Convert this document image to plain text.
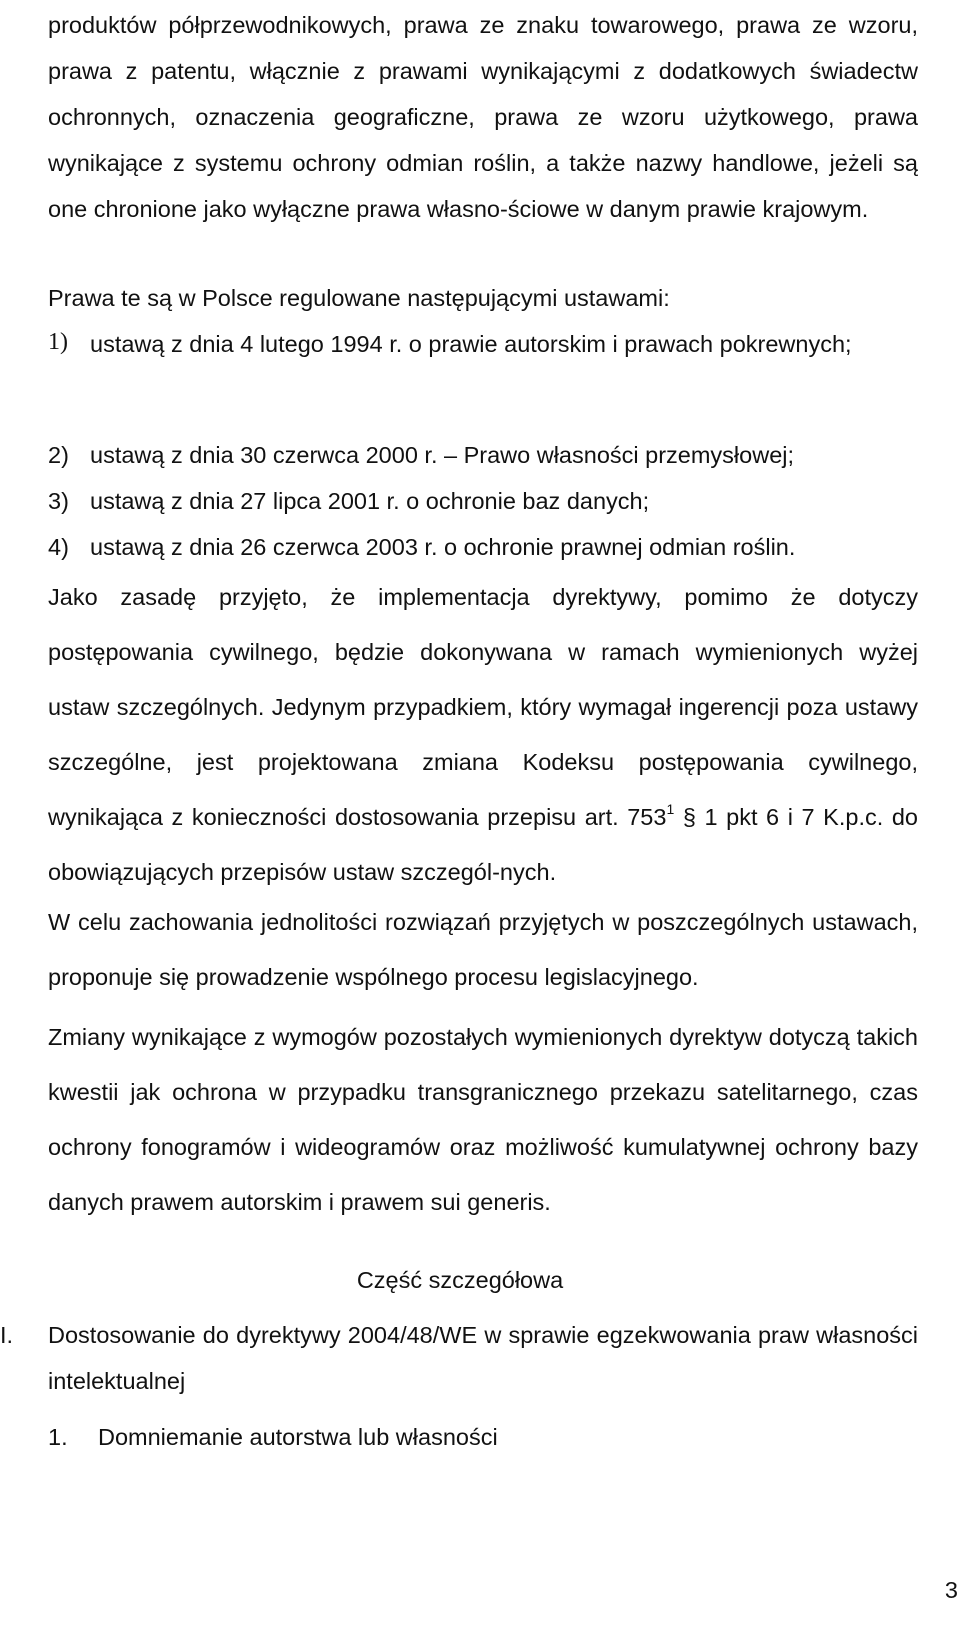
produktów półprzewodnikowych, prawa ze znaku towarowego, prawa ze wzoru, prawa z patentu, włącznie z prawami wynikającymi z dodatkowych świadectw ochronnych, oznaczenia geograficzne, prawa ze wzoru użytkowego, prawa wynikające z systemu ochrony odmian roślin, a także nazwy handlowe, jeżeli są one chronione jako wyłączne prawa własno-ściowe w danym prawie krajowym.
Prawa te są w Polsce regulowane następującymi ustawami:
1) ustawą z dnia 4 lutego 1994 r. o prawie autorskim i prawach pokrewnych;
2) ustawą z dnia 30 czerwca 2000 r. – Prawo własności przemysłowej;
3) ustawą z dnia 27 lipca 2001 r. o ochronie baz danych;
4) ustawą z dnia 26 czerwca 2003 r. o ochronie prawnej odmian roślin.
Jako zasadę przyjęto, że implementacja dyrektywy, pomimo że dotyczy postępowania cywilnego, będzie dokonywana w ramach wymienionych wyżej ustaw szczególnych. Jedynym przypadkiem, który wymagał ingerencji poza ustawy szczególne, jest projektowana zmiana Kodeksu postępowania cywilnego, wynikająca z konieczności dostosowania przepisu art. $753^1$ § 1 pkt 6 i 7 K.p.c. do obowiązujących przepisów ustaw szczegól-nych.
W celu zachowania jednolitości rozwiązań przyjętych w poszczególnych ustawach, proponuje się prowadzenie wspólnego procesu legislacyjnego.
Zmiany wynikające z wymogów pozostałych wymienionych dyrektyw dotyczą takich kwestii jak ochrona w przypadku transgranicznego przekazu satelitarnego, czas ochrony fonogramów i wideogramów oraz możliwość kumulatywnej ochrony bazy danych prawem autorskim i prawem sui generis.
Część szczegółowa
I. Dostosowanie do dyrektywy 2004/48/WE w sprawie egzekwowania praw własności intelektualnej
1. Domniemanie autorstwa lub własności
3
